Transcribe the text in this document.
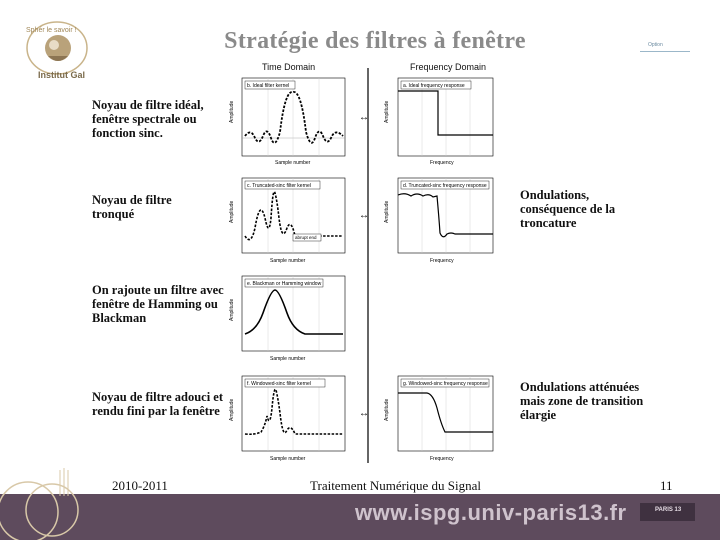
Sphér le savoir !
Institut Gal
Stratégie des filtres à fenêtre	Option
Noyau de filtre idéal,
fenêtre spectrale ou
fonction sinc.
Noyau de filtre
tronqué
On rajoute un filtre avec
fenêtre de Hamming ou
Blackman
Noyau de filtre adouci et
rendu fini par la fenêtre
Ondulations,
conséquence de la
troncature
Ondulations atténuées
mais zone de transition
élargie
Time Domain	Frequency Domain
b. Ideal filter kernel
Sample number
Amplitude
a. Ideal frequency response
Frequency
Amplitude
↔
c. Truncated-sinc filter kernel
abrupt end
Sample number
Amplitude
d. Truncated-sinc frequency response
Frequency
Amplitude
↔
e. Blackman or Hamming window
Sample number
Amplitude
f. Windowed-sinc filter kernel
Sample number
Amplitude
g. Windowed-sinc frequency response
Frequency
Amplitude
↔
2010-2011	Traitement Numérique du Signal	11
www.ispg.univ-paris13.fr	PARIS 13
